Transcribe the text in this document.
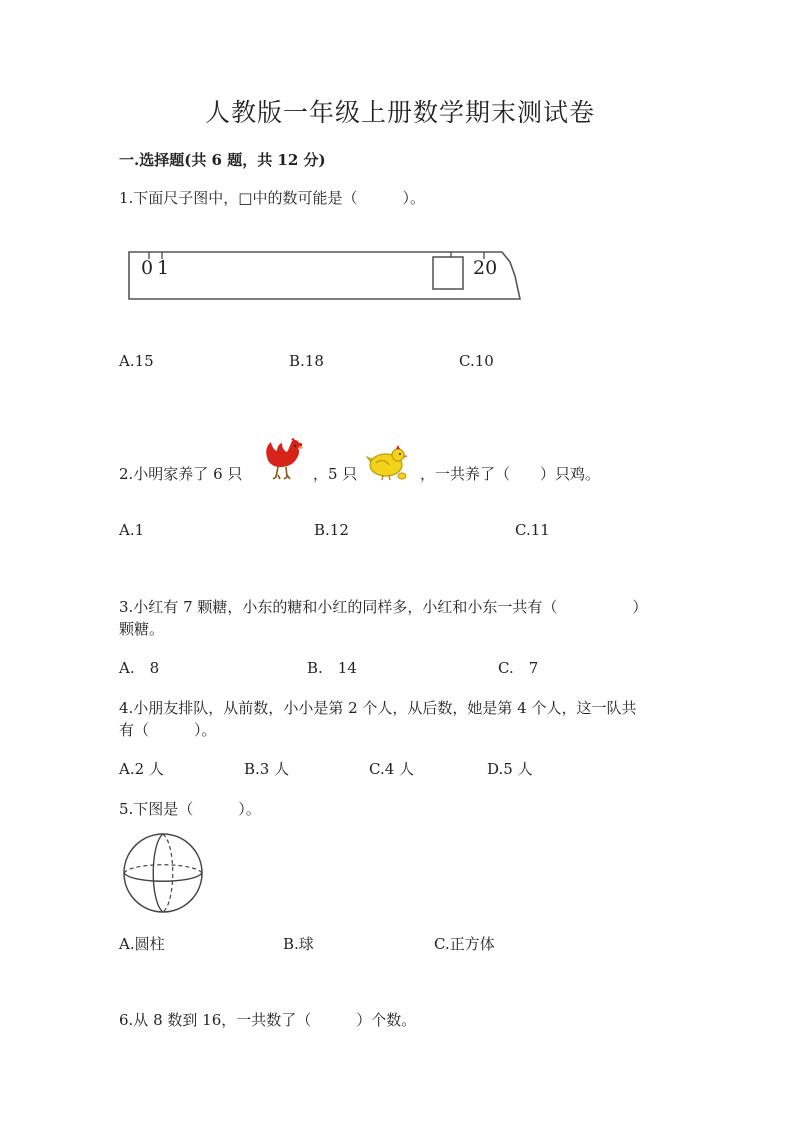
人教版一年级上册数学期末测试卷
一.选择题(共 6 题，共 12 分)
1.下面尺子图中，□中的数可能是（　　　）。
0 1	20
A.15	B.18	C.10
2.小明家养了 6 只	，5 只	，一共养了（　　）只鸡。
A.1	B.12	C.11
3.小红有 7 颗糖，小东的糖和小红的同样多，小红和小东一共有（　　　　　）
颗糖。
A.　8	B.　14	C.　7
4.小朋友排队，从前数，小小是第 2 个人，从后数，她是第 4 个人，这一队共
有（　　　）。
A.2 人	B.3 人	C.4 人	D.5 人
5.下图是（　　　）。
A.圆柱	B.球	C.正方体
6.从 8 数到 16，一共数了（　　　）个数。
